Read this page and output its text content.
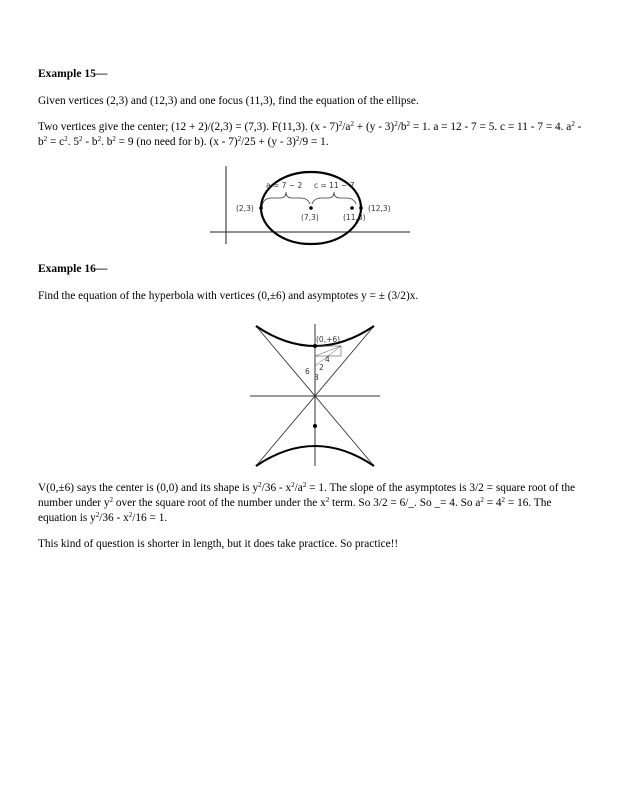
Example 15—
Given vertices (2,3) and (12,3) and one focus (11,3), find the equation of the ellipse.
Two vertices give the center; (12 + 2)/(2,3) = (7,3). F(11,3). $(x - 7)^2/a^2 + (y - 3)^2/b^2 = 1$. a = 12 - 7 = 5. c = 11 - 7 = 4. $a^2 - b^2 = c^2$. $5^2 - b^2$. $b^2 = 9$ (no need for b). (x - 7)$^2$/25 + (y - 3)$^2$/9 = 1.
a = 7 − 2 c = 11 − 7
(2,3)
(7,3)	(11,3)
(12,3)
Example 16—
Find the equation of the hyperbola with vertices (0,±6) and asymptotes y = ± (3/2)x.
(0,+6)
6
4
2
3
V(0,±6) says the center is (0,0) and its shape is $y^2/36 - x^2/a^2 = 1$. The slope of the asymptotes is 3/2 = square root of the number under $y^2$ over the square root of the number under the $x^2$ term. So 3/2 = 6/_. So _= 4. So $a^2 = 4^2 = 16$. The equation is $y^2/36 - x^2/16 = 1$.
This kind of question is shorter in length, but it does take practice. So practice!!
